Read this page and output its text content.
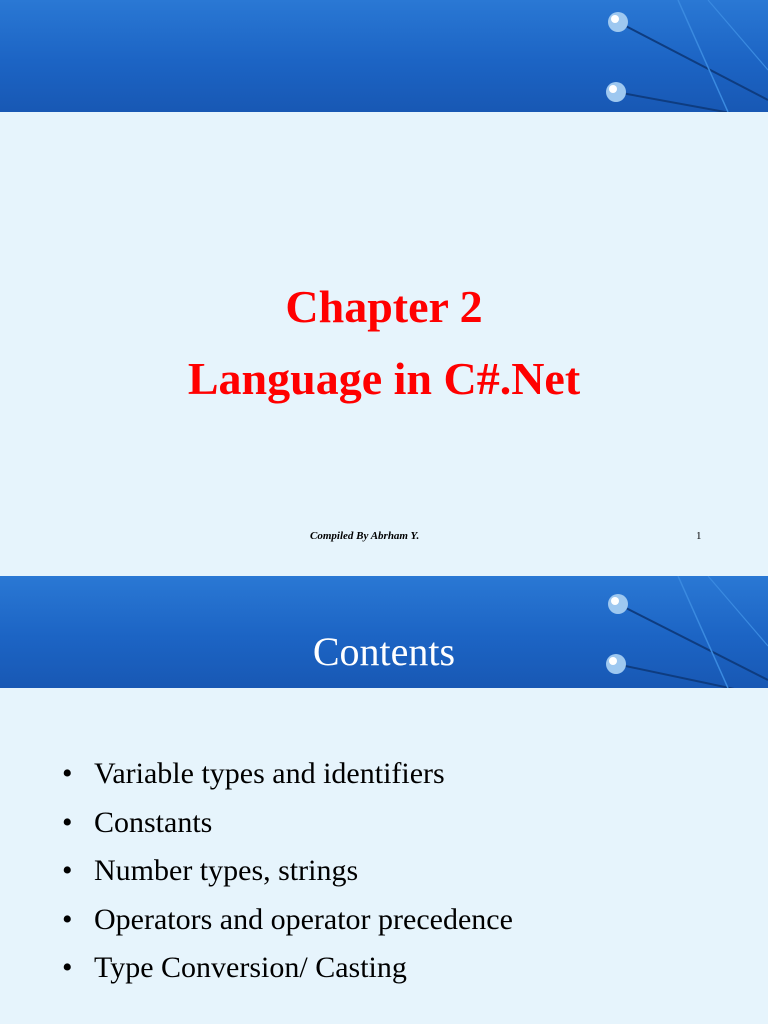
Chapter 2
Language in C#.Net
Compiled By Abrham Y.	1
Contents
• Variable types and identifiers
• Constants
• Number types, strings
• Operators and operator precedence
• Type Conversion/ Casting
